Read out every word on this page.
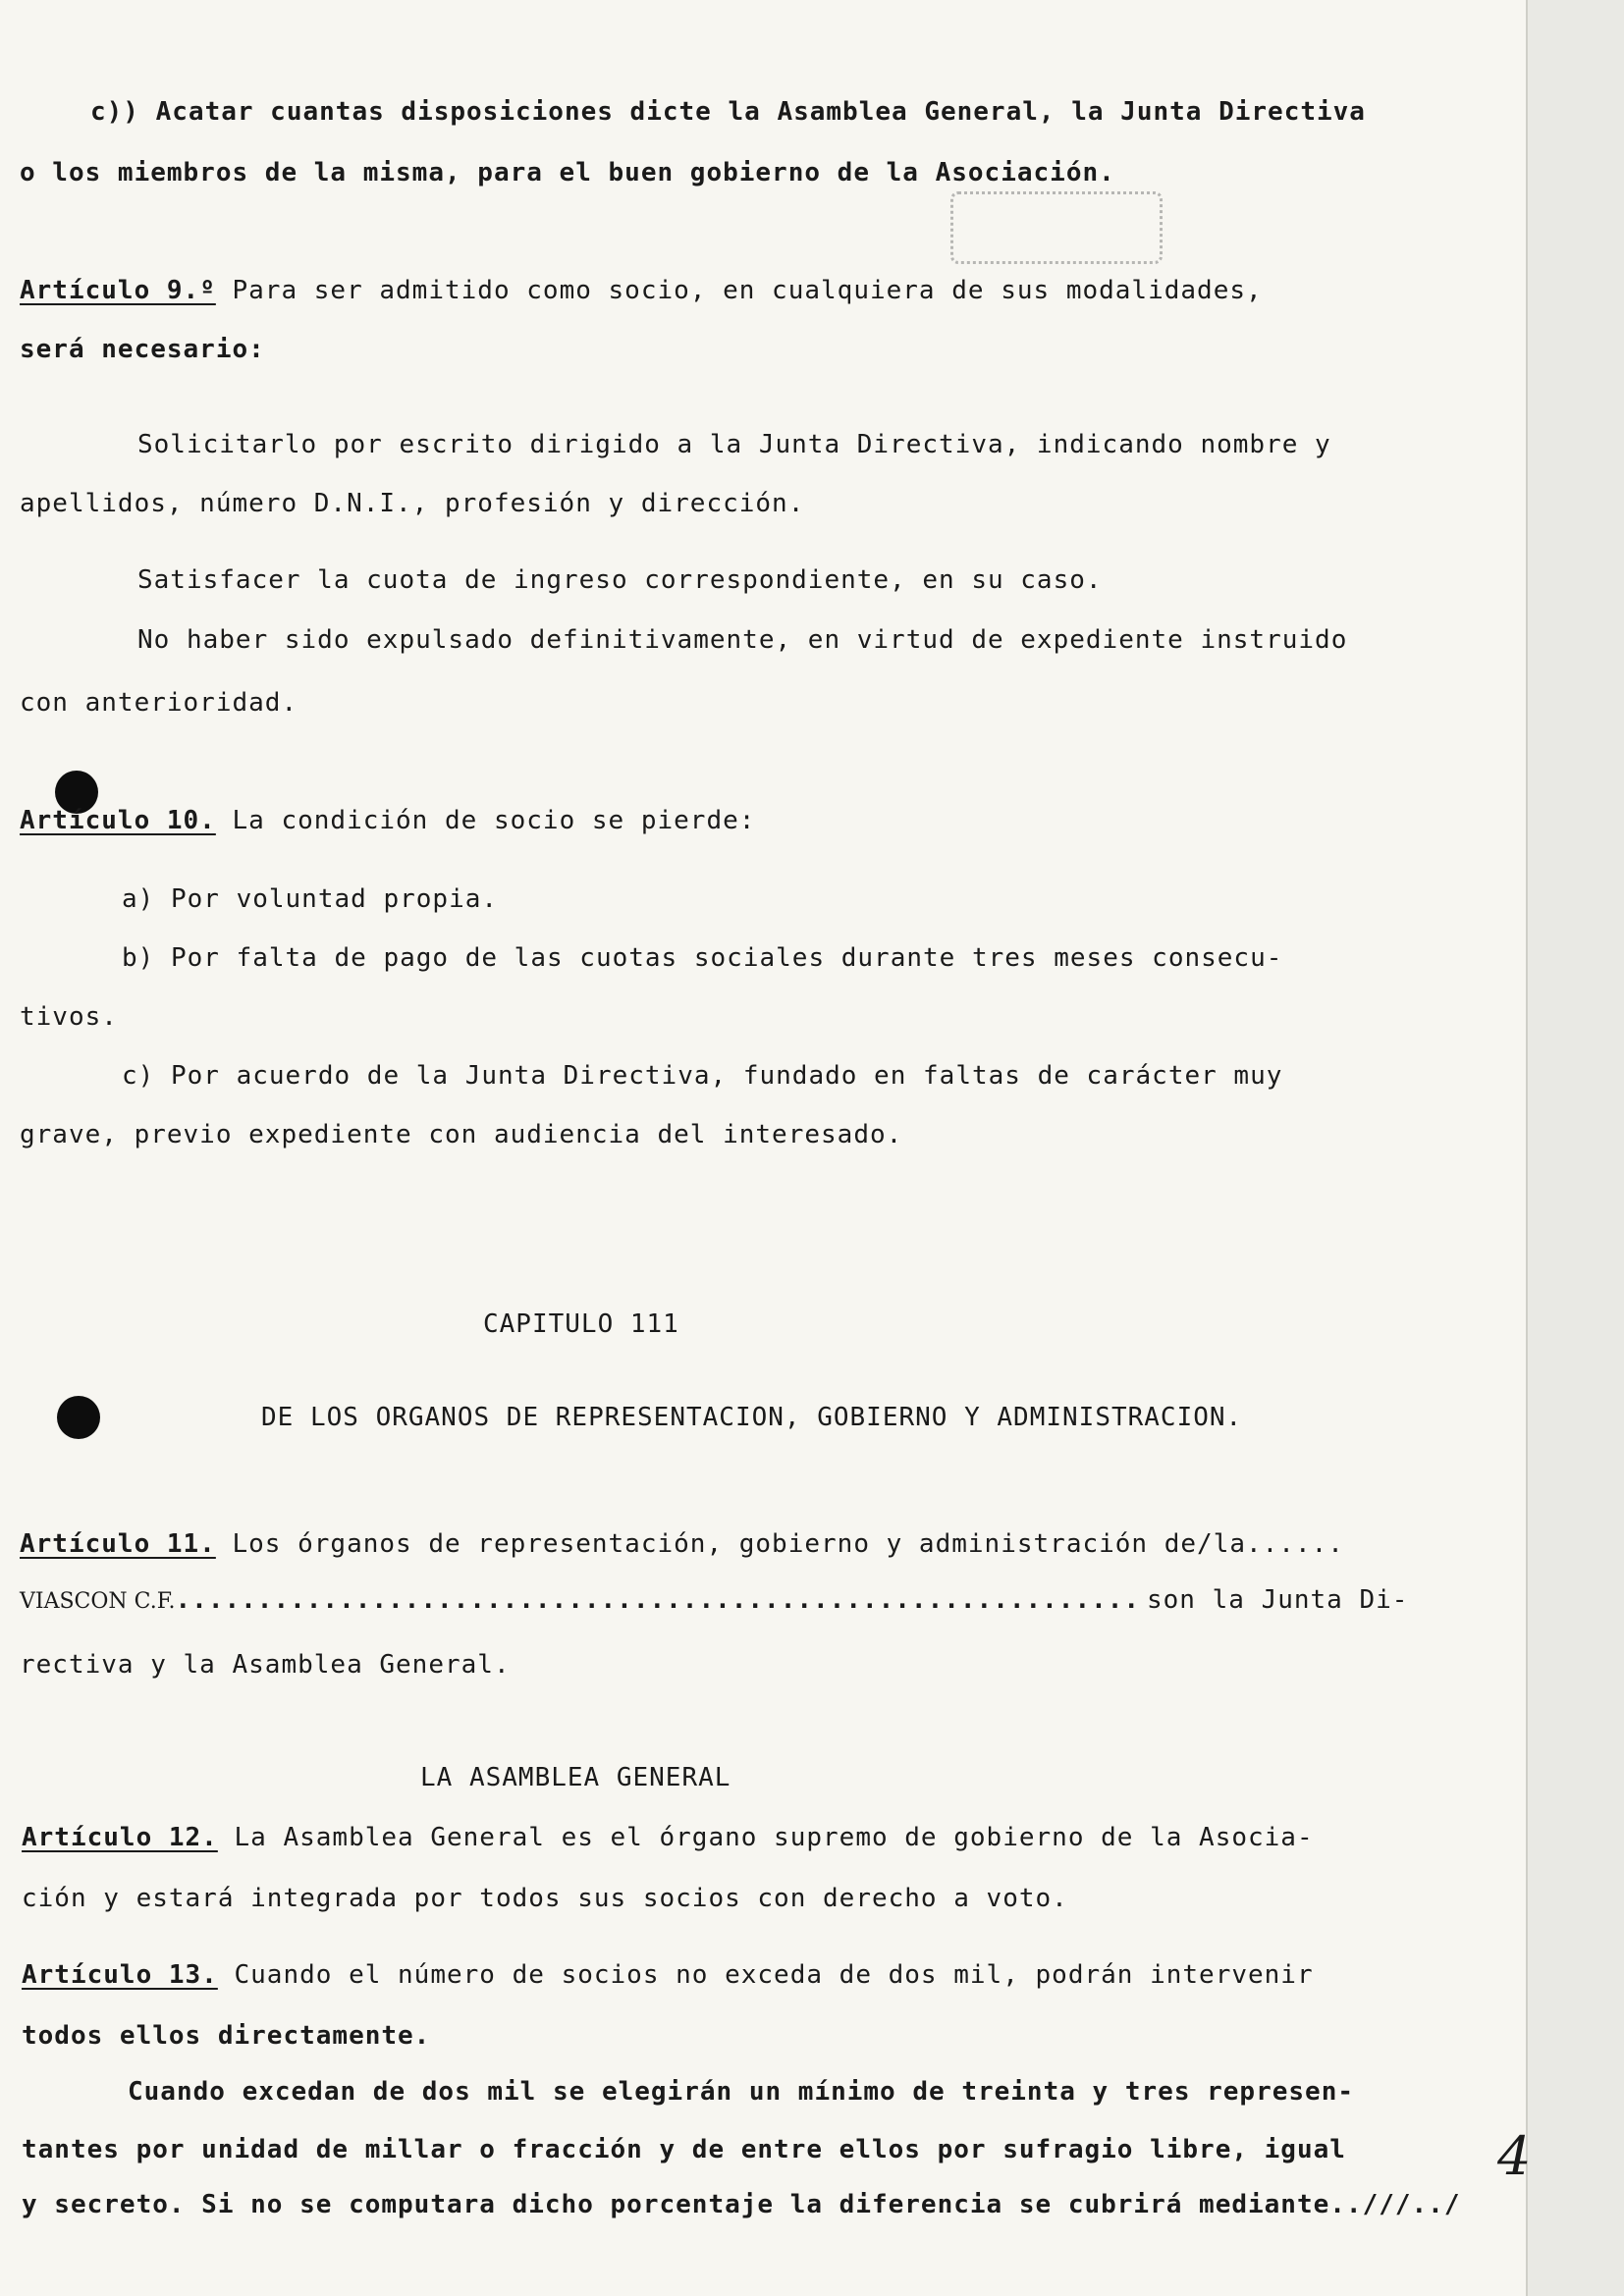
c)) Acatar cuantas disposiciones dicte la Asamblea General, la Junta Directiva
o los miembros de la misma, para el buen gobierno de la Asociación.
Artículo 9.º Para ser admitido como socio, en cualquiera de sus modalidades,
será necesario:
Solicitarlo por escrito dirigido a la Junta Directiva, indicando nombre y
apellidos, número D.N.I., profesión y dirección.
Satisfacer la cuota de ingreso correspondiente, en su caso.
No haber sido expulsado definitivamente, en virtud de expediente instruido
con anterioridad.
Artículo 10. La condición de socio se pierde:
a) Por voluntad propia.
b) Por falta de pago de las cuotas sociales durante tres meses consecu-
tivos.
c) Por acuerdo de la Junta Directiva, fundado en faltas de carácter muy
grave, previo expediente con audiencia del interesado.
CAPITULO 111
DE LOS ORGANOS DE REPRESENTACION, GOBIERNO Y ADMINISTRACION.
Artículo 11. Los órganos de representación, gobierno y administración de/la......
VIASCON C.F............................................................ son la Junta Di-
rectiva y la Asamblea General.
LA ASAMBLEA GENERAL
Artículo 12. La Asamblea General es el órgano supremo de gobierno de la Asocia-
ción y estará integrada por todos sus socios con derecho a voto.
Artículo 13. Cuando el número de socios no exceda de dos mil, podrán intervenir
todos ellos directamente.
Cuando excedan de dos mil se elegirán un mínimo de treinta y tres represen-
tantes por unidad de millar o fracción y de entre ellos por sufragio libre, igual
y secreto. Si no se computara dicho porcentaje la diferencia se cubrirá mediante..///../
4
